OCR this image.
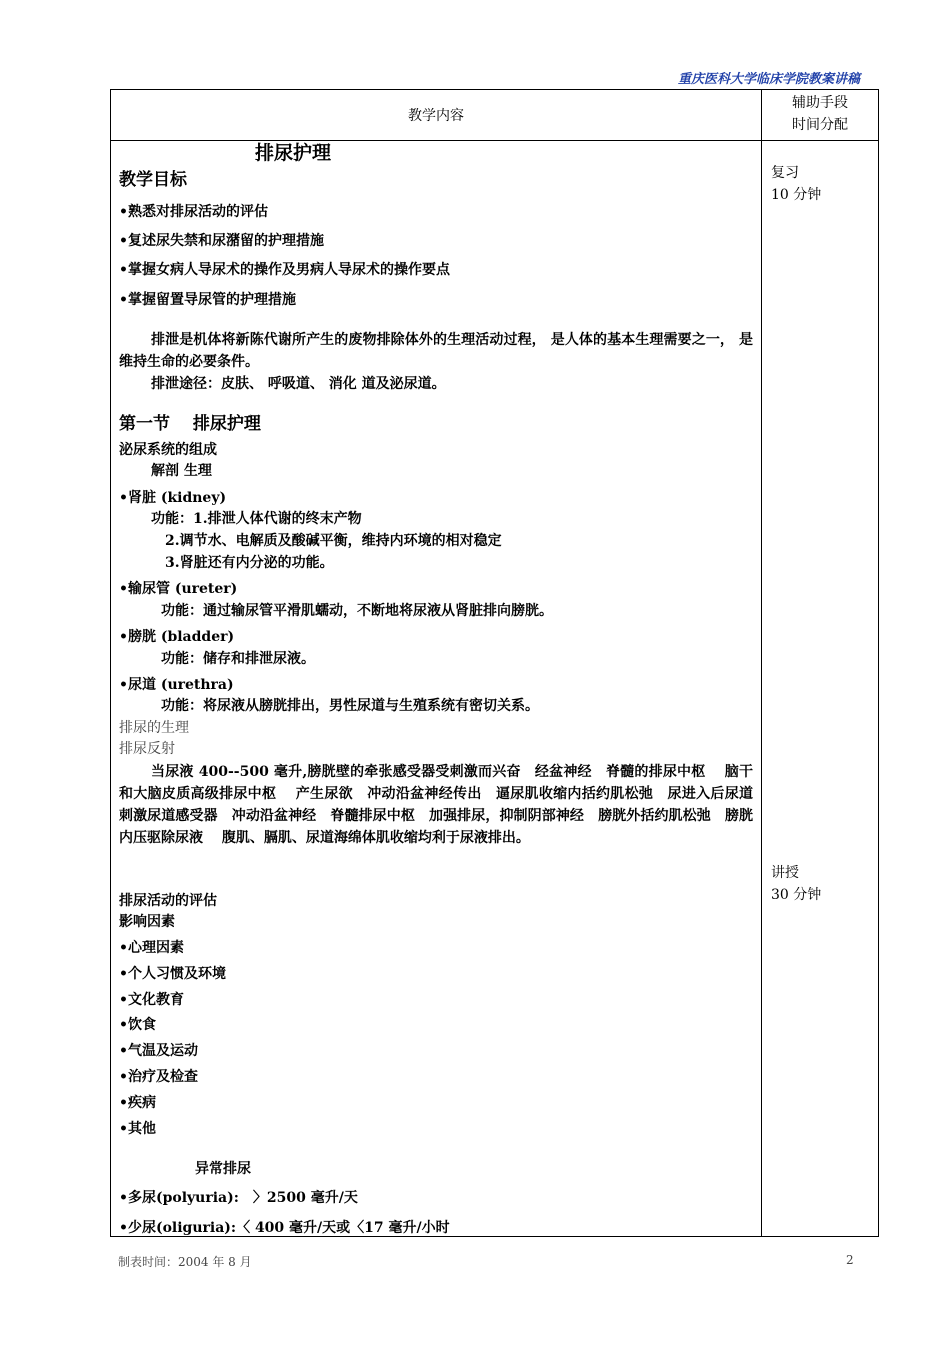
重庆医科大学临床学院教案讲稿
教学内容
辅助手段
时间分配
复习
10 分钟
讲授
30 分钟
排尿护理
教学目标
•熟悉对排尿活动的评估
•复述尿失禁和尿潴留的护理措施
•掌握女病人导尿术的操作及男病人导尿术的操作要点
•掌握留置导尿管的护理措施
排泄是机体将新陈代谢所产生的废物排除体外的生理活动过程， 是人体的基本生理需要之一， 是维持生命的必要条件。
排泄途径：皮肤、 呼吸道、 消化 道及泌尿道。
第一节　 排尿护理
泌尿系统的组成
解剖 生理
•肾脏 (kidney)
功能：1.排泄人体代谢的终末产物
2.调节水、电解质及酸碱平衡，维持内环境的相对稳定
3.肾脏还有内分泌的功能。
•输尿管 (ureter)
功能：通过输尿管平滑肌蠕动，不断地将尿液从肾脏排向膀胱。
•膀胱 (bladder)
功能：储存和排泄尿液。
•尿道 (urethra)
功能：将尿液从膀胱排出，男性尿道与生殖系统有密切关系。
排尿的生理
排尿反射
当尿液 400--500 毫升,膀胱壁的牵张感受器受刺激而兴奋　经盆神经　脊髓的排尿中枢　 脑干和大脑皮质高级排尿中枢　 产生尿欲　冲动沿盆神经传出　逼尿肌收缩内括约肌松弛　尿进入后尿道　刺激尿道感受器　冲动沿盆神经　脊髓排尿中枢　加强排尿，抑制阴部神经　膀胱外括约肌松弛　膀胱内压驱除尿液　 腹肌、膈肌、尿道海绵体肌收缩均利于尿液排出。
排尿活动的评估
影响因素
•心理因素
•个人习惯及环境
•文化教育
•饮食
•气温及运动
•治疗及检查
•疾病
•其他
异常排尿
•多尿(polyuria):　〉2500 毫升/天
•少尿(oliguria):〈 400 毫升/天或〈17 毫升/小时
制表时间：2004 年 8 月	2
